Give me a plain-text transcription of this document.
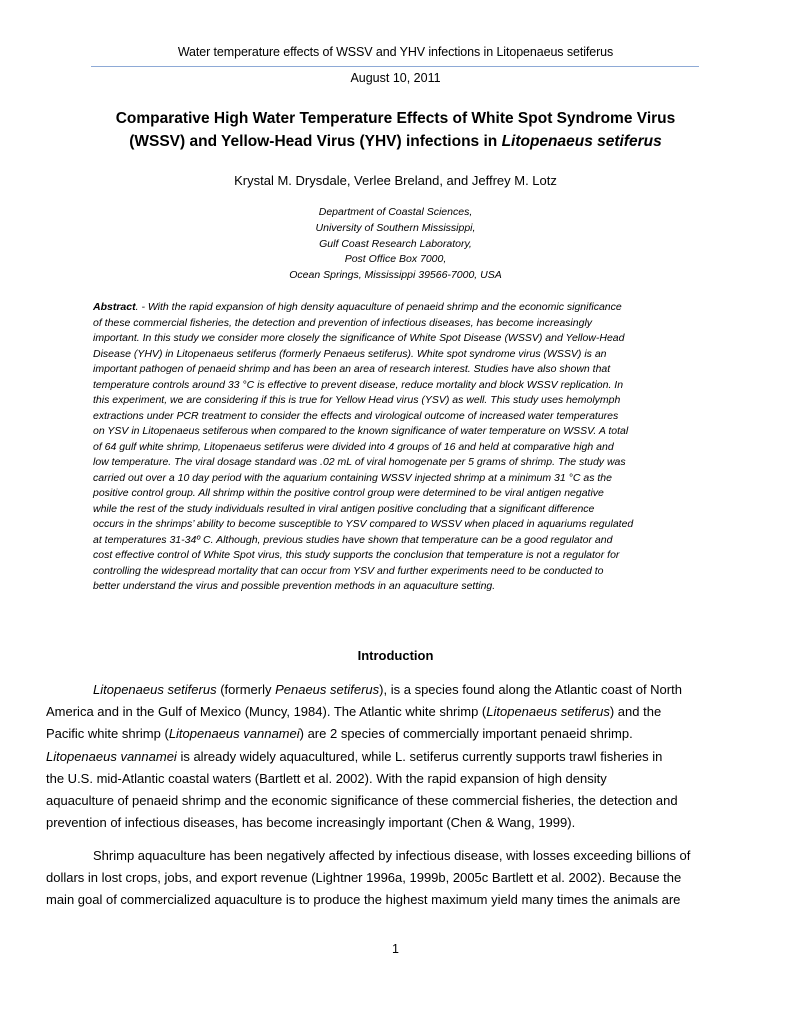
Water temperature effects of WSSV and YHV infections in Litopenaeus setiferus
August 10, 2011
Comparative High Water Temperature Effects of White Spot Syndrome Virus
(WSSV) and Yellow-Head Virus (YHV) infections in Litopenaeus setiferus
Krystal M. Drysdale, Verlee Breland, and Jeffrey M. Lotz
Department of Coastal Sciences,
University of Southern Mississippi,
Gulf Coast Research Laboratory,
Post Office Box 7000,
Ocean Springs, Mississippi 39566-7000, USA
Abstract. - With the rapid expansion of high density aquaculture of penaeid shrimp and the economic significance
of these commercial fisheries, the detection and prevention of infectious diseases, has become increasingly
important. In this study we consider more closely the significance of White Spot Disease (WSSV) and Yellow-Head
Disease (YHV) in Litopenaeus setiferus (formerly Penaeus setiferus). White spot syndrome virus (WSSV) is an
important pathogen of penaeid shrimp and has been an area of research interest. Studies have also shown that
temperature controls around 33 °C is effective to prevent disease, reduce mortality and block WSSV replication. In
this experiment, we are considering if this is true for Yellow Head virus (YSV) as well. This study uses hemolymph
extractions under PCR treatment to consider the effects and virological outcome of increased water temperatures
on YSV in Litopenaeus setiferous when compared to the known significance of water temperature on WSSV. A total
of 64 gulf white shrimp, Litopenaeus setiferus were divided into 4 groups of 16 and held at comparative high and
low temperature. The viral dosage standard was .02 mL of viral homogenate per 5 grams of shrimp. The study was
carried out over a 10 day period with the aquarium containing WSSV injected shrimp at a minimum 31 °C as the
positive control group. All shrimp within the positive control group were determined to be viral antigen negative
while the rest of the study individuals resulted in viral antigen positive concluding that a significant difference
occurs in the shrimps’ ability to become susceptible to YSV compared to WSSV when placed in aquariums regulated
at temperatures 31-34º C. Although, previous studies have shown that temperature can be a good regulator and
cost effective control of White Spot virus, this study supports the conclusion that temperature is not a regulator for
controlling the widespread mortality that can occur from YSV and further experiments need to be conducted to
better understand the virus and possible prevention methods in an aquaculture setting.
Introduction
Litopenaeus setiferus (formerly Penaeus setiferus), is a species found along the Atlantic coast of North
America and in the Gulf of Mexico (Muncy, 1984). The Atlantic white shrimp (Litopenaeus setiferus) and the
Pacific white shrimp (Litopenaeus vannamei) are 2 species of commercially important penaeid shrimp.
Litopenaeus vannamei is already widely aquacultured, while L. setiferus currently supports trawl fisheries in
the U.S. mid-Atlantic coastal waters (Bartlett et al. 2002). With the rapid expansion of high density
aquaculture of penaeid shrimp and the economic significance of these commercial fisheries, the detection and
prevention of infectious diseases, has become increasingly important (Chen & Wang, 1999).
Shrimp aquaculture has been negatively affected by infectious disease, with losses exceeding billions of
dollars in lost crops, jobs, and export revenue (Lightner 1996a, 1999b, 2005c Bartlett et al. 2002). Because the
main goal of commercialized aquaculture is to produce the highest maximum yield many times the animals are
1
